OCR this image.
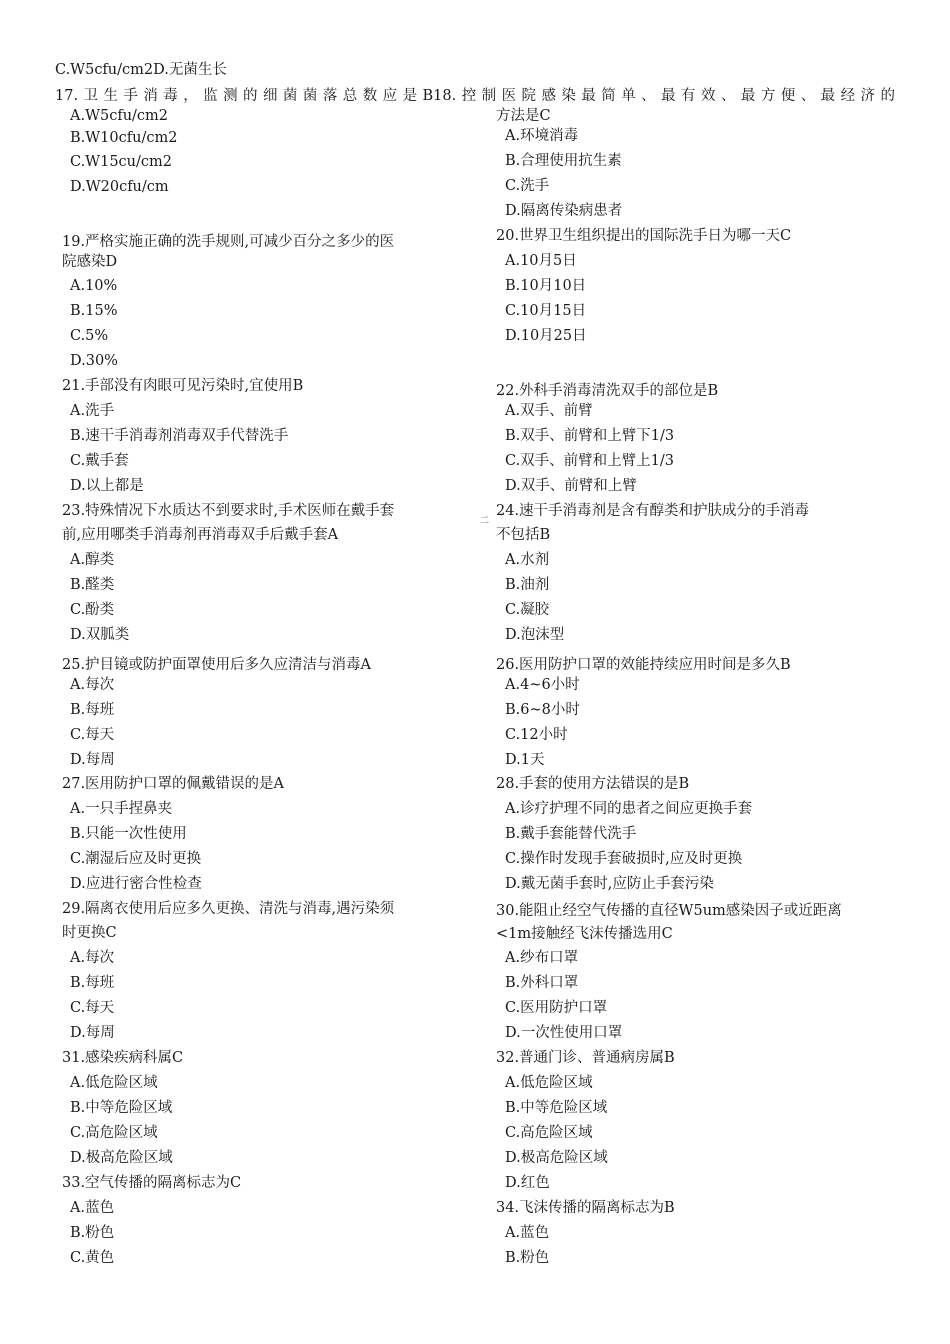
C.W5cfu/cm2D.无菌生长
17.卫生手消毒，监测的细菌菌落总数应是B18.控制医院感染最简单、最有效、最方便、最经济的
A.W5cfu/cm2	方法是C
B.W10cfu/cm2	A.环境消毒
C.W15cu/cm2	B.合理使用抗生素
D.W20cfu/cm	C.洗手
D.隔离传染病患者
19.严格实施正确的洗手规则,可减少百分之多少的医	20.世界卫生组织提出的国际洗手日为哪一天C
院感染D	A.10月5日
A.10%	B.10月10日
B.15%	C.10月15日
C.5%	D.10月25日
D.30%
21.手部没有肉眼可见污染时,宜使用B	22.外科手消毒清洗双手的部位是B
A.洗手	A.双手、前臂
B.速干手消毒剂消毒双手代替洗手	B.双手、前臂和上臂下1/3
C.戴手套	C.双手、前臂和上臂上1/3
D.以上都是	D.双手、前臂和上臂
23.特殊情况下水质达不到要求时,手术医师在戴手套	24.速干手消毒剂是含有醇类和护肤成分的手消毒
二
前,应用哪类手消毒剂再消毒双手后戴手套A	不包括B
A.醇类	A.水剂
B.醛类	B.油剂
C.酚类	C.凝胶
D.双胍类	D.泡沫型
25.护目镜或防护面罩使用后多久应清洁与消毒A	26.医用防护口罩的效能持续应用时间是多久B
A.每次	A.4~6小时
B.每班	B.6~8小时
C.每天	C.12小时
D.每周	D.1天
27.医用防护口罩的佩戴错误的是A	28.手套的使用方法错误的是B
A.一只手捏鼻夹	A.诊疗护理不同的患者之间应更换手套
B.只能一次性使用	B.戴手套能替代洗手
C.潮湿后应及时更换	C.操作时发现手套破损时,应及时更换
D.应进行密合性检查	D.戴无菌手套时,应防止手套污染
29.隔离衣使用后应多久更换、清洗与消毒,遇污染须	30.能阻止经空气传播的直径W5um感染因子或近距离
时更换C	<1m接触经飞沫传播选用C
A.每次	A.纱布口罩
B.每班	B.外科口罩
C.每天	C.医用防护口罩
D.每周	D.一次性使用口罩
31.感染疾病科属C	32.普通门诊、普通病房属B
A.低危险区域	A.低危险区域
B.中等危险区域	B.中等危险区域
C.高危险区域	C.高危险区域
D.极高危险区域	D.极高危险区域
33.空气传播的隔离标志为C	D.红色
A.蓝色	34.飞沫传播的隔离标志为B
B.粉色	A.蓝色
C.黄色	B.粉色
